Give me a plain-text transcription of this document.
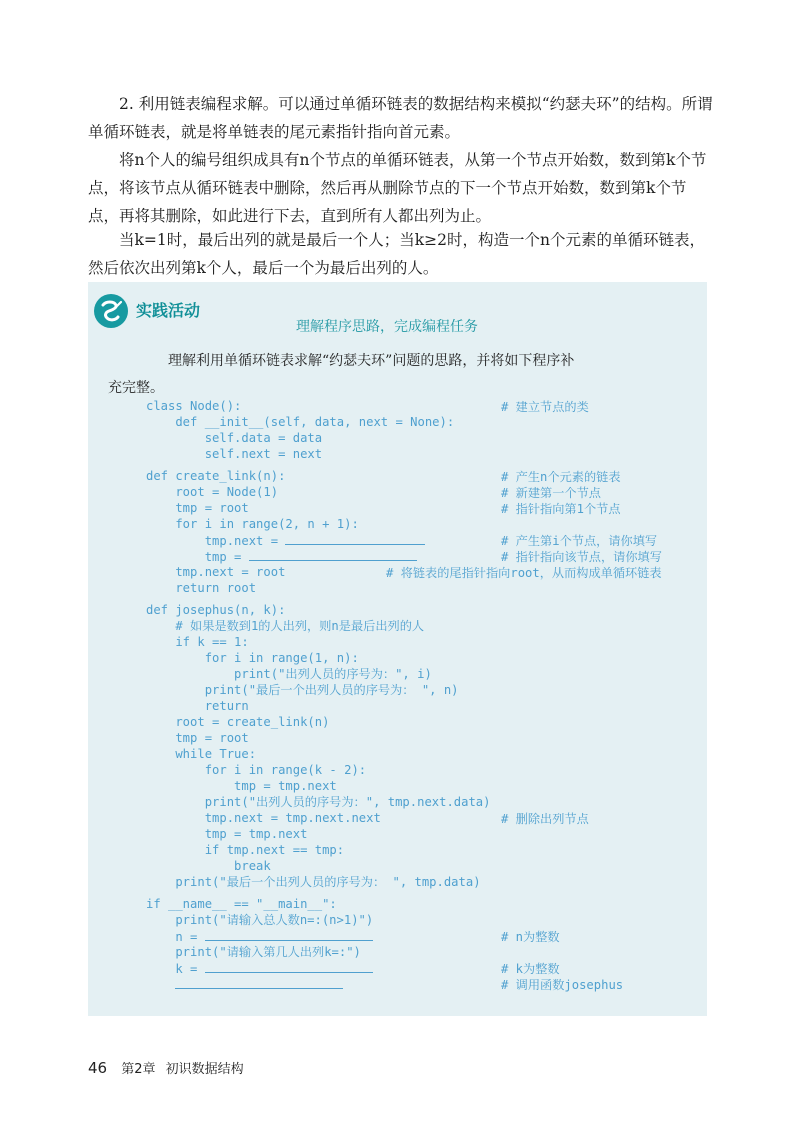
2. 利用链表编程求解。可以通过单循环链表的数据结构来模拟“约瑟夫环”的结构。所谓单循环链表，就是将单链表的尾元素指针指向首元素。

将n个人的编号组织成具有n个节点的单循环链表，从第一个节点开始数，数到第k个节点，将该节点从循环链表中删除，然后再从删除节点的下一个节点开始数，数到第k个节点，再将其删除，如此进行下去，直到所有人都出列为止。

当k=1时，最后出列的就是最后一个人；当k≥2时，构造一个n个元素的单循环链表，然后依次出列第k个人，最后一个为最后出列的人。

实践活动
理解程序思路，完成编程任务

理解利用单循环链表求解“约瑟夫环”问题的思路，并将如下程序补
充完整。

class Node():	# 建立节点的类
def __init__(self, data, next = None):
self.data = data
self.next = next
def create_link(n):	# 产生n个元素的链表
root = Node(1)	# 新建第一个节点
tmp = root	# 指针指向第1个节点
for i in range(2, n + 1):
tmp.next =	# 产生第i个节点，请你填写
tmp =	# 指针指向该节点，请你填写
tmp.next = root	# 将链表的尾指针指向root，从而构成单循环链表
return root
def josephus(n, k):
# 如果是数到1的人出列，则n是最后出列的人
if k == 1:
for i in range(1, n):
print("出列人员的序号为：", i)
print("最后一个出列人员的序号为： ", n)
return
root = create_link(n)
tmp = root
while True:
for i in range(k - 2):
tmp = tmp.next
print("出列人员的序号为：", tmp.next.data)
tmp.next = tmp.next.next	# 删除出列节点
tmp = tmp.next
if tmp.next == tmp:
break
print("最后一个出列人员的序号为： ", tmp.data)
if __name__ == "__main__":
print("请输入总人数n=:(n>1)")
n =	# n为整数
print("请输入第几人出列k=:")
k =	# k为整数

# 调用函数josephus
46 第2章 初识数据结构
